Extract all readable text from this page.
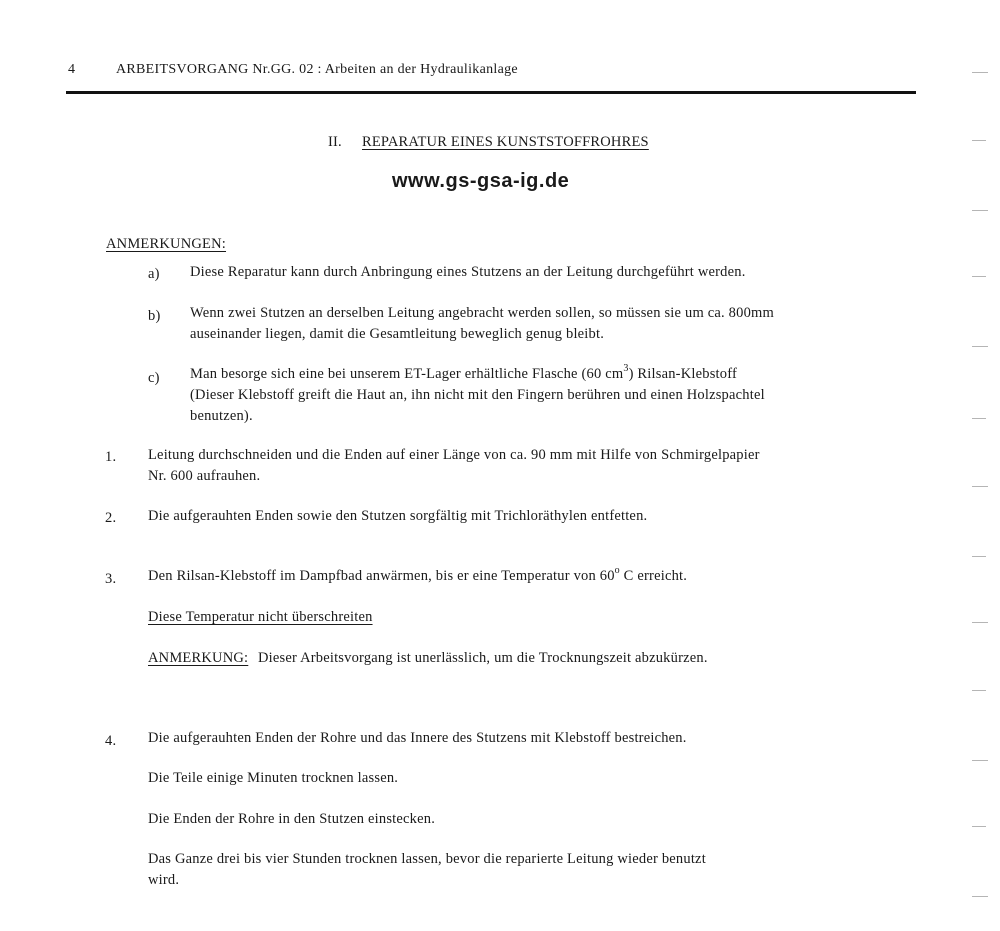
4	ARBEITSVORGANG Nr.GG. 02 : Arbeiten an der Hydraulikanlage
II. REPARATUR EINES KUNSTSTOFFROHRES
www.gs-gsa-ig.de
ANMERKUNGEN:
a) Diese Reparatur kann durch Anbringung eines Stutzens an der Leitung durchgeführt werden.
b) Wenn zwei Stutzen an derselben Leitung angebracht werden sollen, so müssen sie um ca. 800mm
auseinander liegen, damit die Gesamtleitung beweglich genug bleibt.
c) Man besorge sich eine bei unserem ET-Lager erhältliche Flasche (60 $cm^3$) Rilsan-Klebstoff
(Dieser Klebstoff greift die Haut an, ihn nicht mit den Fingern berühren und einen Holzspachtel
benutzen).
1. Leitung durchschneiden und die Enden auf einer Länge von ca. 90 mm mit Hilfe von Schmirgelpapier
Nr. 600 aufrauhen.
2. Die aufgerauhten Enden sowie den Stutzen sorgfältig mit Trichloräthylen entfetten.
3. Den Rilsan-Klebstoff im Dampfbad anwärmen, bis er eine Temperatur von 60$^o$ C erreicht.
Diese Temperatur nicht überschreiten
ANMERKUNG: Dieser Arbeitsvorgang ist unerlässlich, um die Trocknungszeit abzukürzen.
4. Die aufgerauhten Enden der Rohre und das Innere des Stutzens mit Klebstoff bestreichen.
Die Teile einige Minuten trocknen lassen.
Die Enden der Rohre in den Stutzen einstecken.
Das Ganze drei bis vier Stunden trocknen lassen, bevor die reparierte Leitung wieder benutzt
wird.
